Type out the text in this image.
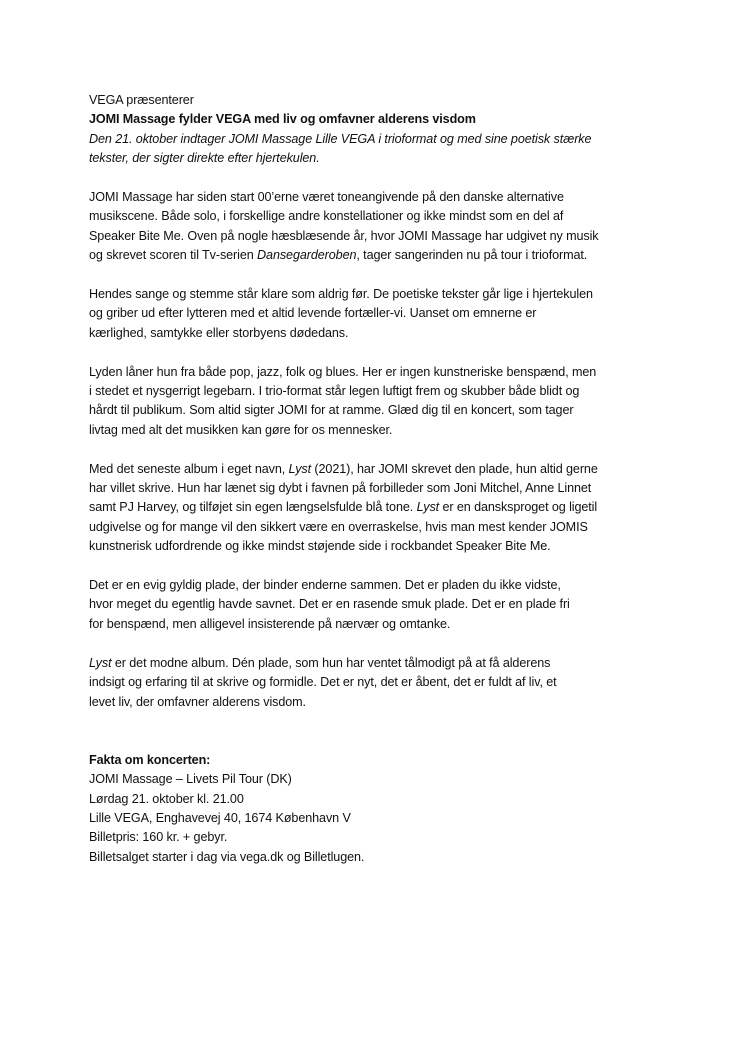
VEGA præsenterer
JOMI Massage fylder VEGA med liv og omfavner alderens visdom
Den 21. oktober indtager JOMI Massage Lille VEGA i trioformat og med sine poetisk stærke
tekster, der sigter direkte efter hjertekulen.
JOMI Massage har siden start 00’erne været toneangivende på den danske alternative
musikscene. Både solo, i forskellige andre konstellationer og ikke mindst som en del af
Speaker Bite Me. Oven på nogle hæsblæsende år, hvor JOMI Massage har udgivet ny musik
og skrevet scoren til Tv-serien Dansegarderoben, tager sangerinden nu på tour i trioformat.
Hendes sange og stemme står klare som aldrig før. De poetiske tekster går lige i hjertekulen
og griber ud efter lytteren med et altid levende fortæller-vi. Uanset om emnerne er
kærlighed, samtykke eller storbyens dødedans.
Lyden låner hun fra både pop, jazz, folk og blues. Her er ingen kunstneriske benspænd, men
i stedet et nysgerrigt legebarn. I trio-format står legen luftigt frem og skubber både blidt og
hårdt til publikum. Som altid sigter JOMI for at ramme. Glæd dig til en koncert, som tager
livtag med alt det musikken kan gøre for os mennesker.
Med det seneste album i eget navn, Lyst (2021), har JOMI skrevet den plade, hun altid gerne
har villet skrive. Hun har lænet sig dybt i favnen på forbilleder som Joni Mitchel, Anne Linnet
samt PJ Harvey, og tilføjet sin egen længselsfulde blå tone. Lyst er en dansksproget og ligetil
udgivelse og for mange vil den sikkert være en overraskelse, hvis man mest kender JOMIS
kunstnerisk udfordrende og ikke mindst støjende side i rockbandet Speaker Bite Me.
Det er en evig gyldig plade, der binder enderne sammen. Det er pladen du ikke vidste,
hvor meget du egentlig havde savnet. Det er en rasende smuk plade. Det er en plade fri
for benspænd, men alligevel insisterende på nærvær og omtanke.
Lyst er det modne album. Dén plade, som hun har ventet tålmodigt på at få alderens
indsigt og erfaring til at skrive og formidle. Det er nyt, det er åbent, det er fuldt af liv, et
levet liv, der omfavner alderens visdom.
Fakta om koncerten:
JOMI Massage – Livets Pil Tour (DK)
Lørdag 21. oktober kl. 21.00
Lille VEGA, Enghavevej 40, 1674 København V
Billetpris: 160 kr. + gebyr.
Billetsalget starter i dag via vega.dk og Billetlugen.
